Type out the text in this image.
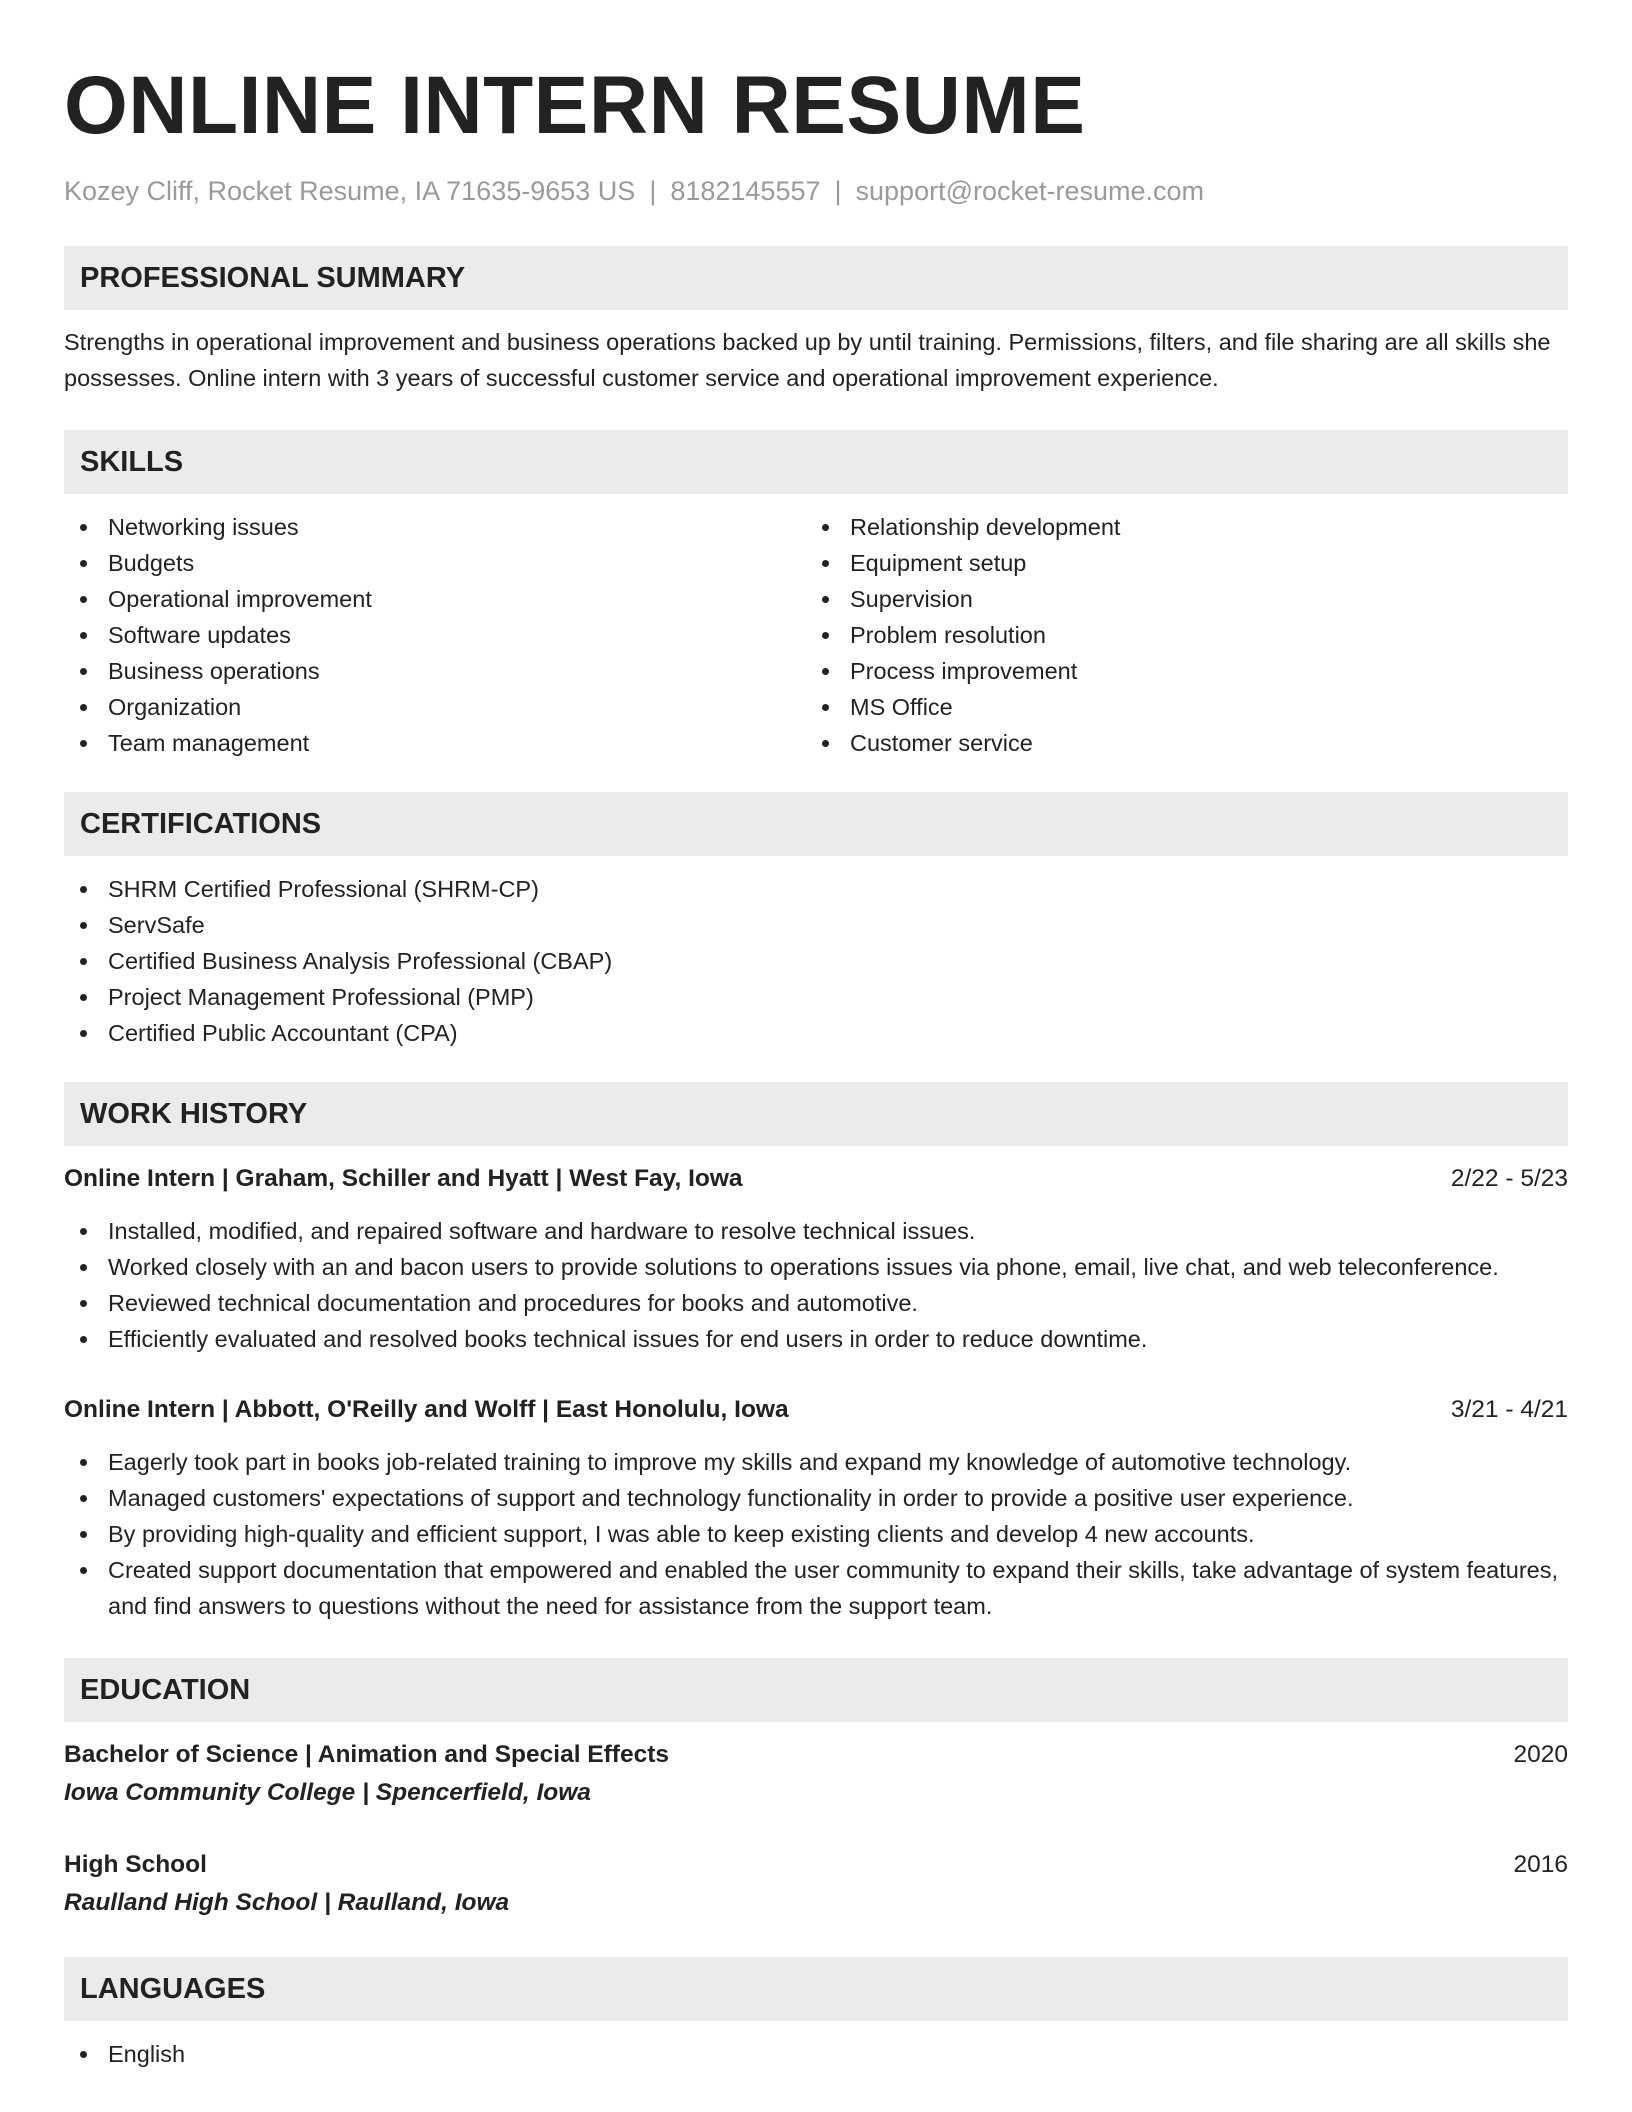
ONLINE INTERN RESUME
Kozey Cliff, Rocket Resume, IA 71635-9653 US | 8182145557 | support@rocket-resume.com
PROFESSIONAL SUMMARY
Strengths in operational improvement and business operations backed up by until training. Permissions, filters, and file sharing are all skills she possesses. Online intern with 3 years of successful customer service and operational improvement experience.
SKILLS
Networking issues
Budgets
Operational improvement
Software updates
Business operations
Organization
Team management
Relationship development
Equipment setup
Supervision
Problem resolution
Process improvement
MS Office
Customer service
CERTIFICATIONS
SHRM Certified Professional (SHRM-CP)
ServSafe
Certified Business Analysis Professional (CBAP)
Project Management Professional (PMP)
Certified Public Accountant (CPA)
WORK HISTORY
Online Intern | Graham, Schiller and Hyatt | West Fay, Iowa	2/22 - 5/23
Installed, modified, and repaired software and hardware to resolve technical issues.
Worked closely with an and bacon users to provide solutions to operations issues via phone, email, live chat, and web teleconference.
Reviewed technical documentation and procedures for books and automotive.
Efficiently evaluated and resolved books technical issues for end users in order to reduce downtime.
Online Intern | Abbott, O'Reilly and Wolff | East Honolulu, Iowa	3/21 - 4/21
Eagerly took part in books job-related training to improve my skills and expand my knowledge of automotive technology.
Managed customers' expectations of support and technology functionality in order to provide a positive user experience.
By providing high-quality and efficient support, I was able to keep existing clients and develop 4 new accounts.
Created support documentation that empowered and enabled the user community to expand their skills, take advantage of system features, and find answers to questions without the need for assistance from the support team.
EDUCATION
Bachelor of Science | Animation and Special Effects	2020
Iowa Community College | Spencerfield, Iowa
High School	2016
Raulland High School | Raulland, Iowa
LANGUAGES
English
